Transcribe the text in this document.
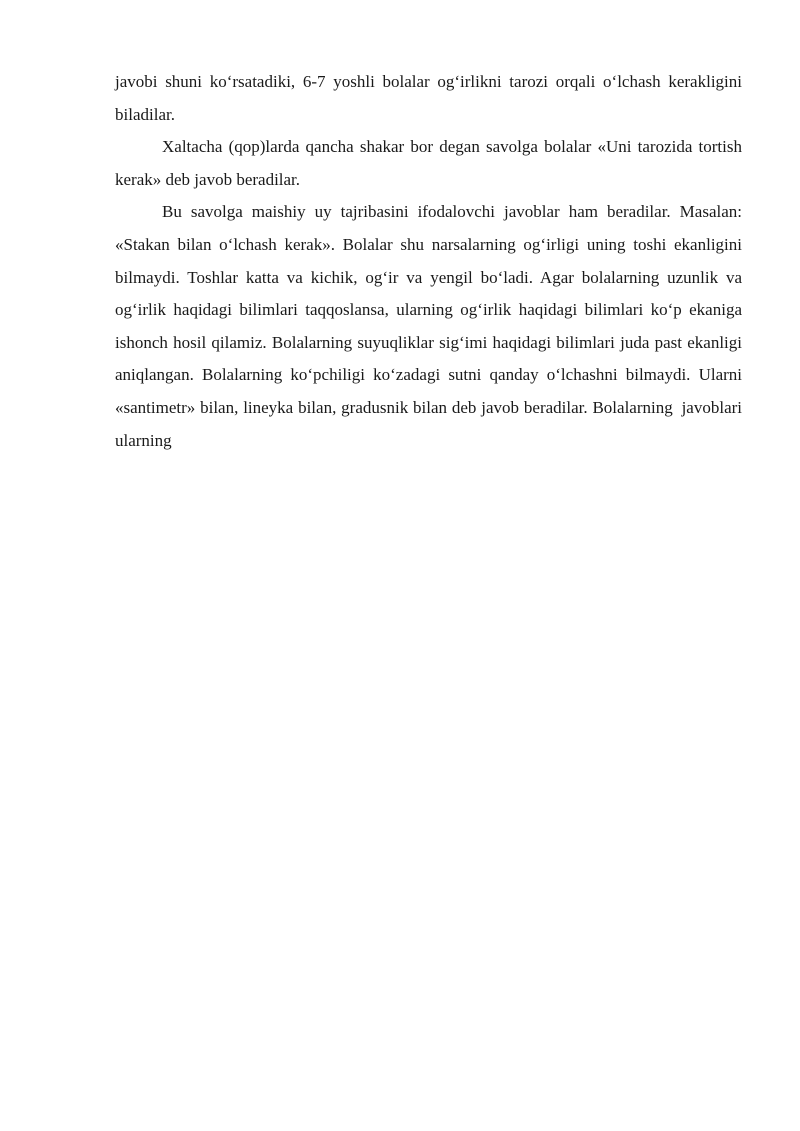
javobi shuni ko‘rsatadiki, 6-7 yoshli bolalar og‘irlikni tarozi orqali o‘lchash kerakligini biladilar.

Xaltacha (qop)larda qancha shakar bor degan savolga bolalar «Uni tarozida tortish kerak» deb javob beradilar.

Bu savolga maishiy uy tajribasini ifodalovchi javoblar ham beradilar. Masalan: «Stakan bilan o‘lchash kerak». Bolalar shu narsalarning og‘irligi uning toshi ekanligini bilmaydi. Toshlar katta va kichik, og‘ir va yengil bo‘ladi. Agar bolalarning uzunlik va og‘irlik haqidagi bilimlari taqqoslansa, ularning og‘irlik haqidagi bilimlari ko‘p ekaniga ishonch hosil qilamiz. Bolalarning suyuqliklar sig‘imi haqidagi bilimlari juda past ekanligi aniqlangan. Bolalarning ko‘pchiligi ko‘zadagi sutni qanday o‘lchashni bilmaydi. Ularni «santimetr» bilan, lineyka bilan, gradusnik bilan deb javob beradilar. Bolalarning javoblari ularning
